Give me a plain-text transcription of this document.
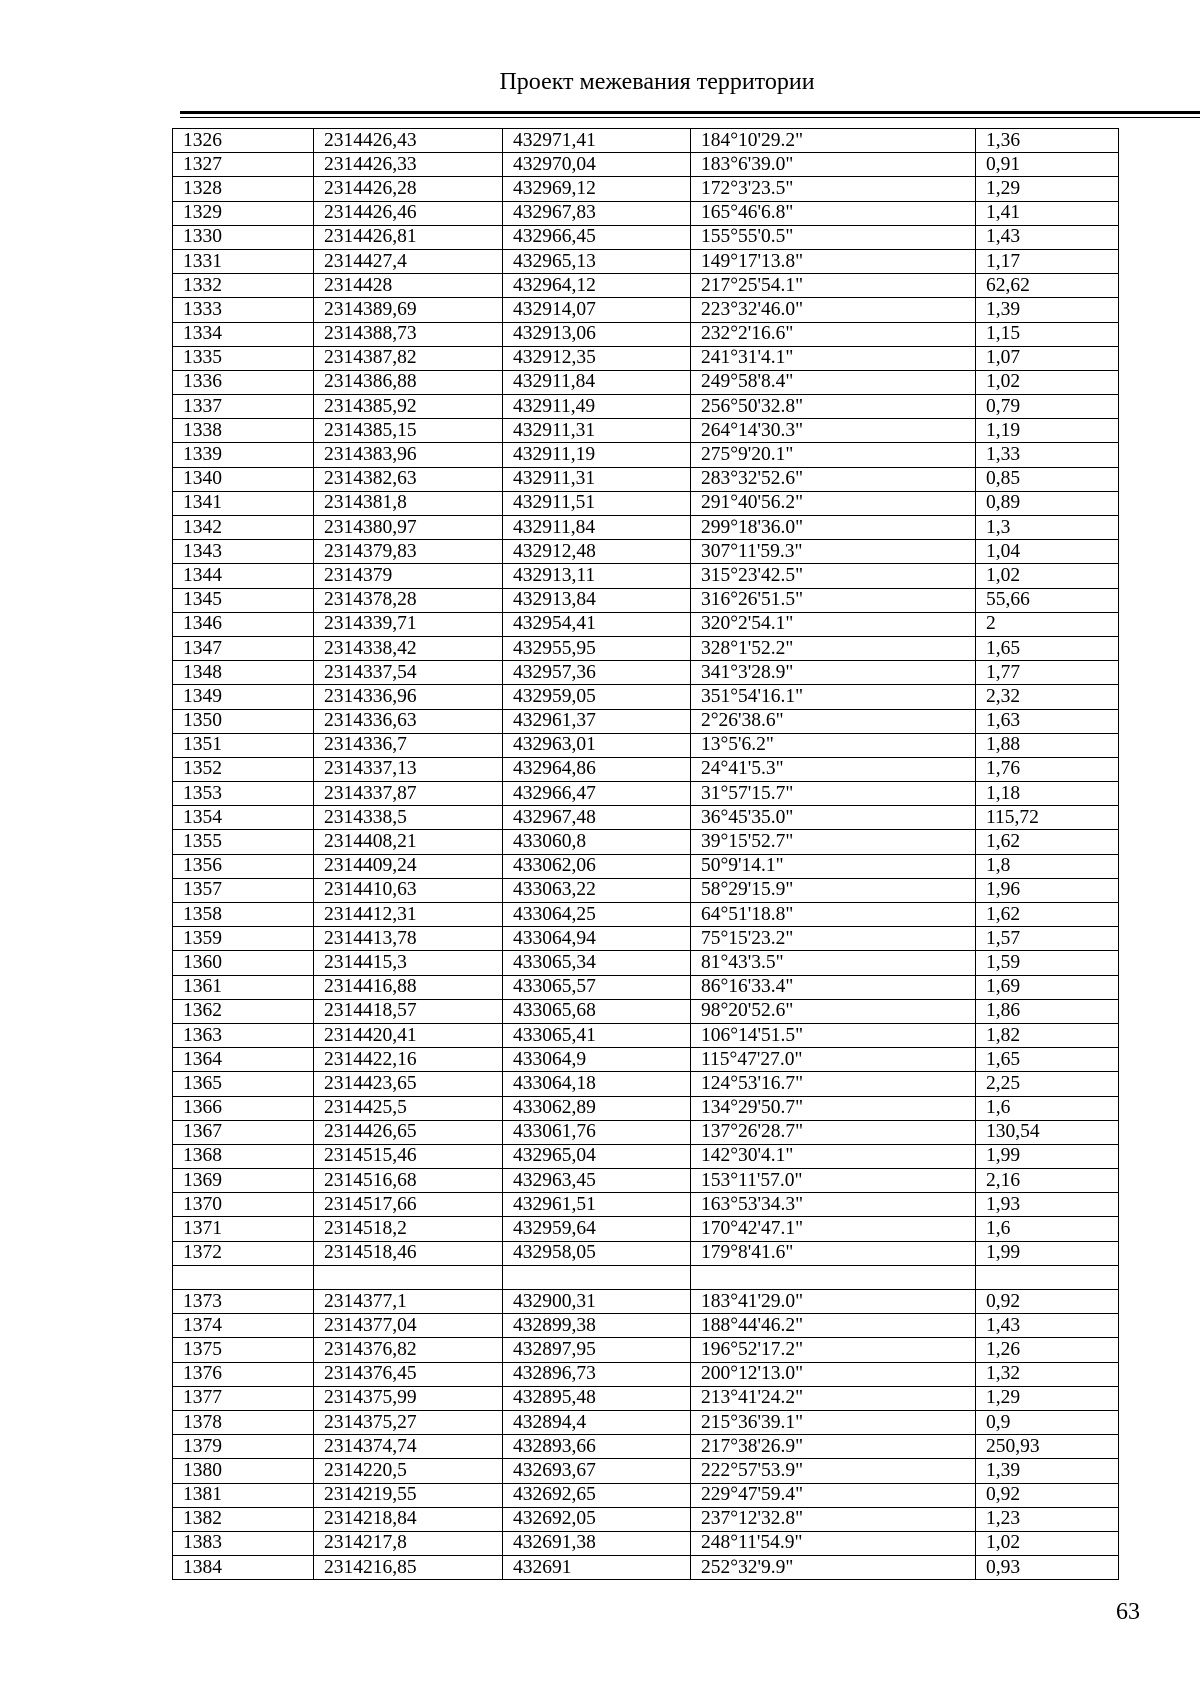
Проект межевания территории
1326	2314426,43	432971,41	184°10'29.2"	1,36
1327	2314426,33	432970,04	183°6'39.0"	0,91
1328	2314426,28	432969,12	172°3'23.5"	1,29
1329	2314426,46	432967,83	165°46'6.8"	1,41
1330	2314426,81	432966,45	155°55'0.5"	1,43
1331	2314427,4	432965,13	149°17'13.8"	1,17
1332	2314428	432964,12	217°25'54.1"	62,62
1333	2314389,69	432914,07	223°32'46.0"	1,39
1334	2314388,73	432913,06	232°2'16.6"	1,15
1335	2314387,82	432912,35	241°31'4.1"	1,07
1336	2314386,88	432911,84	249°58'8.4"	1,02
1337	2314385,92	432911,49	256°50'32.8"	0,79
1338	2314385,15	432911,31	264°14'30.3"	1,19
1339	2314383,96	432911,19	275°9'20.1"	1,33
1340	2314382,63	432911,31	283°32'52.6"	0,85
1341	2314381,8	432911,51	291°40'56.2"	0,89
1342	2314380,97	432911,84	299°18'36.0"	1,3
1343	2314379,83	432912,48	307°11'59.3"	1,04
1344	2314379	432913,11	315°23'42.5"	1,02
1345	2314378,28	432913,84	316°26'51.5"	55,66
1346	2314339,71	432954,41	320°2'54.1"	2
1347	2314338,42	432955,95	328°1'52.2"	1,65
1348	2314337,54	432957,36	341°3'28.9"	1,77
1349	2314336,96	432959,05	351°54'16.1"	2,32
1350	2314336,63	432961,37	2°26'38.6"	1,63
1351	2314336,7	432963,01	13°5'6.2"	1,88
1352	2314337,13	432964,86	24°41'5.3"	1,76
1353	2314337,87	432966,47	31°57'15.7"	1,18
1354	2314338,5	432967,48	36°45'35.0"	115,72
1355	2314408,21	433060,8	39°15'52.7"	1,62
1356	2314409,24	433062,06	50°9'14.1"	1,8
1357	2314410,63	433063,22	58°29'15.9"	1,96
1358	2314412,31	433064,25	64°51'18.8"	1,62
1359	2314413,78	433064,94	75°15'23.2"	1,57
1360	2314415,3	433065,34	81°43'3.5"	1,59
1361	2314416,88	433065,57	86°16'33.4"	1,69
1362	2314418,57	433065,68	98°20'52.6"	1,86
1363	2314420,41	433065,41	106°14'51.5"	1,82
1364	2314422,16	433064,9	115°47'27.0"	1,65
1365	2314423,65	433064,18	124°53'16.7"	2,25
1366	2314425,5	433062,89	134°29'50.7"	1,6
1367	2314426,65	433061,76	137°26'28.7"	130,54
1368	2314515,46	432965,04	142°30'4.1"	1,99
1369	2314516,68	432963,45	153°11'57.0"	2,16
1370	2314517,66	432961,51	163°53'34.3"	1,93
1371	2314518,2	432959,64	170°42'47.1"	1,6
1372	2314518,46	432958,05	179°8'41.6"	1,99

1373	2314377,1	432900,31	183°41'29.0"	0,92
1374	2314377,04	432899,38	188°44'46.2"	1,43
1375	2314376,82	432897,95	196°52'17.2"	1,26
1376	2314376,45	432896,73	200°12'13.0"	1,32
1377	2314375,99	432895,48	213°41'24.2"	1,29
1378	2314375,27	432894,4	215°36'39.1"	0,9
1379	2314374,74	432893,66	217°38'26.9"	250,93
1380	2314220,5	432693,67	222°57'53.9"	1,39
1381	2314219,55	432692,65	229°47'59.4"	0,92
1382	2314218,84	432692,05	237°12'32.8"	1,23
1383	2314217,8	432691,38	248°11'54.9"	1,02
1384	2314216,85	432691	252°32'9.9"	0,93
63
